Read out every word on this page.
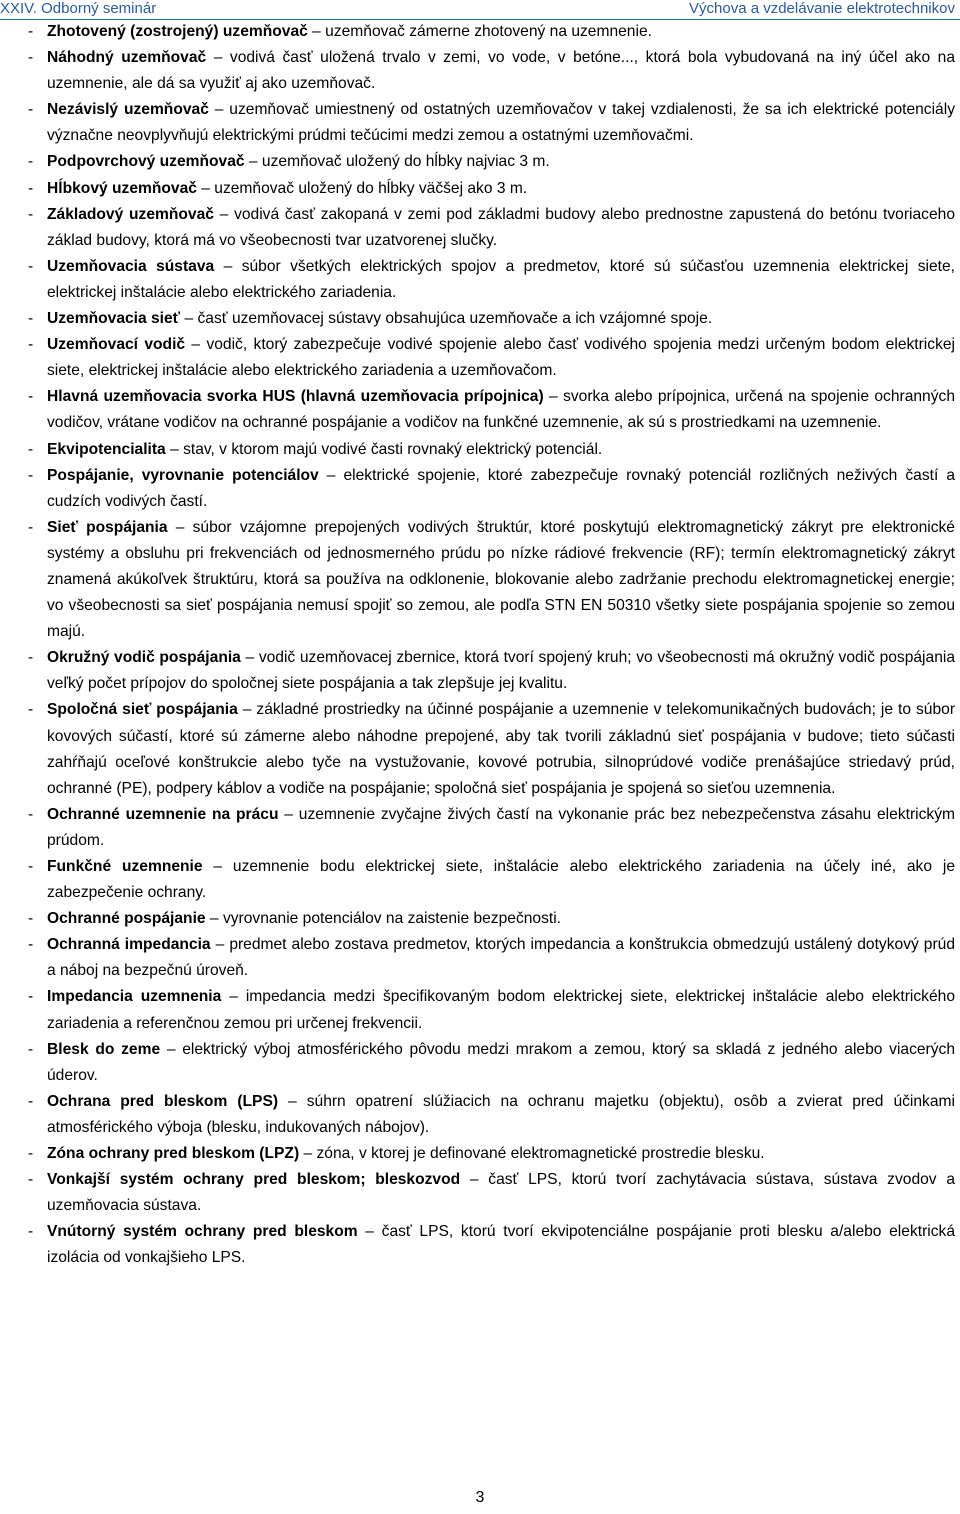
XXIV. Odborný seminár	Výchova a vzdelávanie elektrotechnikov
- Zhotovený (zostrojený) uzemňovač – uzemňovač zámerne zhotovený na uzemnenie.
- Náhodný uzemňovač – vodivá časť uložená trvalo v zemi, vo vode, v betóne..., ktorá bola vybudovaná na iný účel ako na uzemnenie, ale dá sa využiť aj ako uzemňovač.
- Nezávislý uzemňovač – uzemňovač umiestnený od ostatných uzemňovačov v takej vzdialenosti, že sa ich elektrické potenciály význačne neovplyvňujú elektrickými prúdmi tečúcimi medzi zemou a ostatnými uzemňovačmi.
- Podpovrchový uzemňovač – uzemňovač uložený do hĺbky najviac 3 m.
- Hĺbkový uzemňovač – uzemňovač uložený do hĺbky väčšej ako 3 m.
- Základový uzemňovač – vodivá časť zakopaná v zemi pod základmi budovy alebo prednostne zapustená do betónu tvoriaceho základ budovy, ktorá má vo všeobecnosti tvar uzatvorenej slučky.
- Uzemňovacia sústava – súbor všetkých elektrických spojov a predmetov, ktoré sú súčasťou uzemnenia elektrickej siete, elektrickej inštalácie alebo elektrického zariadenia.
- Uzemňovacia sieť – časť uzemňovacej sústavy obsahujúca uzemňovače a ich vzájomné spoje.
- Uzemňovací vodič – vodič, ktorý zabezpečuje vodivé spojenie alebo časť vodivého spojenia medzi určeným bodom elektrickej siete, elektrickej inštalácie alebo elektrického zariadenia a uzemňovačom.
- Hlavná uzemňovacia svorka HUS (hlavná uzemňovacia prípojnica) – svorka alebo prípojnica, určená na spojenie ochranných vodičov, vrátane vodičov na ochranné pospájanie a vodičov na funkčné uzemnenie, ak sú s prostriedkami na uzemnenie.
- Ekvipotencialita – stav, v ktorom majú vodivé časti rovnaký elektrický potenciál.
- Pospájanie, vyrovnanie potenciálov – elektrické spojenie, ktoré zabezpečuje rovnaký potenciál rozličných neživých častí a cudzích vodivých častí.
- Sieť pospájania – súbor vzájomne prepojených vodivých štruktúr, ktoré poskytujú elektromagnetický zákryt pre elektronické systémy a obsluhu pri frekvenciách od jednosmerného prúdu po nízke rádiové frekvencie (RF); termín elektromagnetický zákryt znamená akúkoľvek štruktúru, ktorá sa používa na odklonenie, blokovanie alebo zadržanie prechodu elektromagnetickej energie; vo všeobecnosti sa sieť pospájania nemusí spojiť so zemou, ale podľa STN EN 50310 všetky siete pospájania spojenie so zemou majú.
- Okružný vodič pospájania – vodič uzemňovacej zbernice, ktorá tvorí spojený kruh; vo všeobecnosti má okružný vodič pospájania veľký počet prípojov do spoločnej siete pospájania a tak zlepšuje jej kvalitu.
- Spoločná sieť pospájania – základné prostriedky na účinné pospájanie a uzemnenie v telekomunikačných budovách; je to súbor kovových súčastí, ktoré sú zámerne alebo náhodne prepojené, aby tak tvorili základnú sieť pospájania v budove; tieto súčasti zahŕňajú oceľové konštrukcie alebo tyče na vystužovanie, kovové potrubia, silnoprúdové vodiče prenášajúce striedavý prúd, ochranné (PE), podpery káblov a vodiče na pospájanie; spoločná sieť pospájania je spojená so sieťou uzemnenia.
- Ochranné uzemnenie na prácu – uzemnenie zvyčajne živých častí na vykonanie prác bez nebezpečenstva zásahu elektrickým prúdom.
- Funkčné uzemnenie – uzemnenie bodu elektrickej siete, inštalácie alebo elektrického zariadenia na účely iné, ako je zabezpečenie ochrany.
- Ochranné pospájanie – vyrovnanie potenciálov na zaistenie bezpečnosti.
- Ochranná impedancia – predmet alebo zostava predmetov, ktorých impedancia a konštrukcia obmedzujú ustálený dotykový prúd a náboj na bezpečnú úroveň.
- Impedancia uzemnenia – impedancia medzi špecifikovaným bodom elektrickej siete, elektrickej inštalácie alebo elektrického zariadenia a referenčnou zemou pri určenej frekvencii.
- Blesk do zeme – elektrický výboj atmosférického pôvodu medzi mrakom a zemou, ktorý sa skladá z jedného alebo viacerých úderov.
- Ochrana pred bleskom (LPS) – súhrn opatrení slúžiacich na ochranu majetku (objektu), osôb a zvierat pred účinkami atmosférického výboja (blesku, indukovaných nábojov).
- Zóna ochrany pred bleskom (LPZ) – zóna, v ktorej je definované elektromagnetické prostredie blesku.
- Vonkajší systém ochrany pred bleskom; bleskozvod – časť LPS, ktorú tvorí zachytávacia sústava, sústava zvodov a uzemňovacia sústava.
- Vnútorný systém ochrany pred bleskom – časť LPS, ktorú tvorí ekvipotenciálne pospájanie proti blesku a/alebo elektrická izolácia od vonkajšieho LPS.
3
